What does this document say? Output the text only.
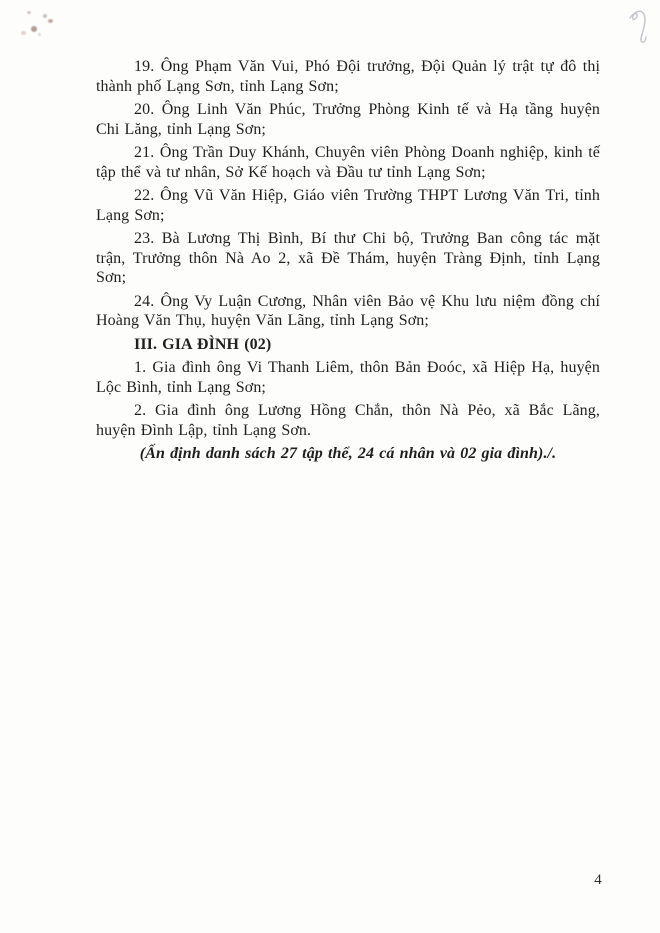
19. Ông Phạm Văn Vui, Phó Đội trưởng, Đội Quản lý trật tự đô thị thành phố Lạng Sơn, tỉnh Lạng Sơn;

20. Ông Linh Văn Phúc, Trưởng Phòng Kinh tế và Hạ tầng huyện Chi Lăng, tỉnh Lạng Sơn;

21. Ông Trần Duy Khánh, Chuyên viên Phòng Doanh nghiệp, kinh tế tập thể và tư nhân, Sở Kế hoạch và Đầu tư tỉnh Lạng Sơn;

22. Ông Vũ Văn Hiệp, Giáo viên Trường THPT Lương Văn Tri, tỉnh Lạng Sơn;

23. Bà Lương Thị Bình, Bí thư Chi bộ, Trưởng Ban công tác mặt trận, Trưởng thôn Nà Ao 2, xã Đề Thám, huyện Tràng Định, tỉnh Lạng Sơn;

24. Ông Vy Luận Cương, Nhân viên Bảo vệ Khu lưu niệm đồng chí Hoàng Văn Thụ, huyện Văn Lãng, tỉnh Lạng Sơn;

III. GIA ĐÌNH (02)

1. Gia đình ông Vi Thanh Liêm, thôn Bản Đoóc, xã Hiệp Hạ, huyện Lộc Bình, tỉnh Lạng Sơn;

2. Gia đình ông Lương Hồng Chắn, thôn Nà Pẻo, xã Bắc Lãng, huyện Đình Lập, tỉnh Lạng Sơn.

(Ấn định danh sách 27 tập thể, 24 cá nhân và 02 gia đình)./.

4
